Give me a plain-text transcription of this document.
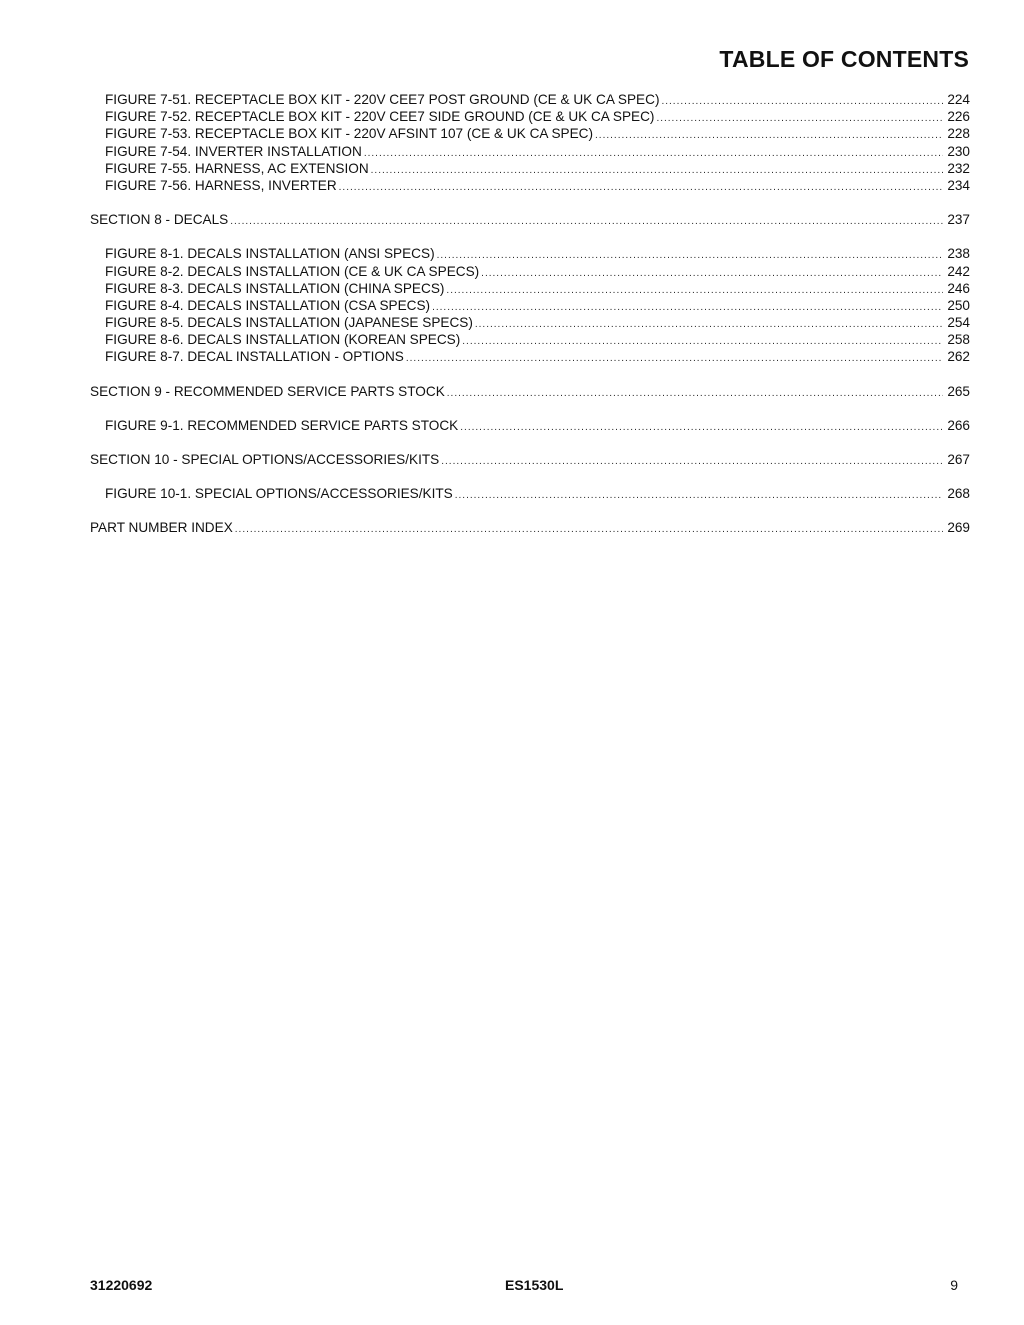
TABLE OF CONTENTS
FIGURE 7-51. RECEPTACLE BOX KIT - 220V CEE7 POST GROUND (CE & UK CA SPEC) .....	224
FIGURE 7-52. RECEPTACLE BOX KIT - 220V CEE7 SIDE GROUND (CE & UK CA SPEC) .....	226
FIGURE 7-53. RECEPTACLE BOX KIT - 220V AFSINT 107 (CE & UK CA SPEC) .....	228
FIGURE 7-54. INVERTER INSTALLATION .....	230
FIGURE 7-55. HARNESS, AC EXTENSION .....	232
FIGURE 7-56. HARNESS, INVERTER .....	234
SECTION 8 - DECALS .....	237
FIGURE 8-1. DECALS INSTALLATION (ANSI SPECS) .....	238
FIGURE 8-2. DECALS INSTALLATION (CE & UK CA SPECS) .....	242
FIGURE 8-3. DECALS INSTALLATION (CHINA SPECS) .....	246
FIGURE 8-4. DECALS INSTALLATION (CSA SPECS) .....	250
FIGURE 8-5. DECALS INSTALLATION (JAPANESE SPECS) .....	254
FIGURE 8-6. DECALS INSTALLATION (KOREAN SPECS) .....	258
FIGURE 8-7. DECAL INSTALLATION - OPTIONS .....	262
SECTION 9 - RECOMMENDED SERVICE PARTS STOCK .....	265
FIGURE 9-1. RECOMMENDED SERVICE PARTS STOCK .....	266
SECTION 10 - SPECIAL OPTIONS/ACCESSORIES/KITS .....	267
FIGURE 10-1. SPECIAL OPTIONS/ACCESSORIES/KITS .....	268
PART NUMBER INDEX .....	269
31220692	ES1530L	9
